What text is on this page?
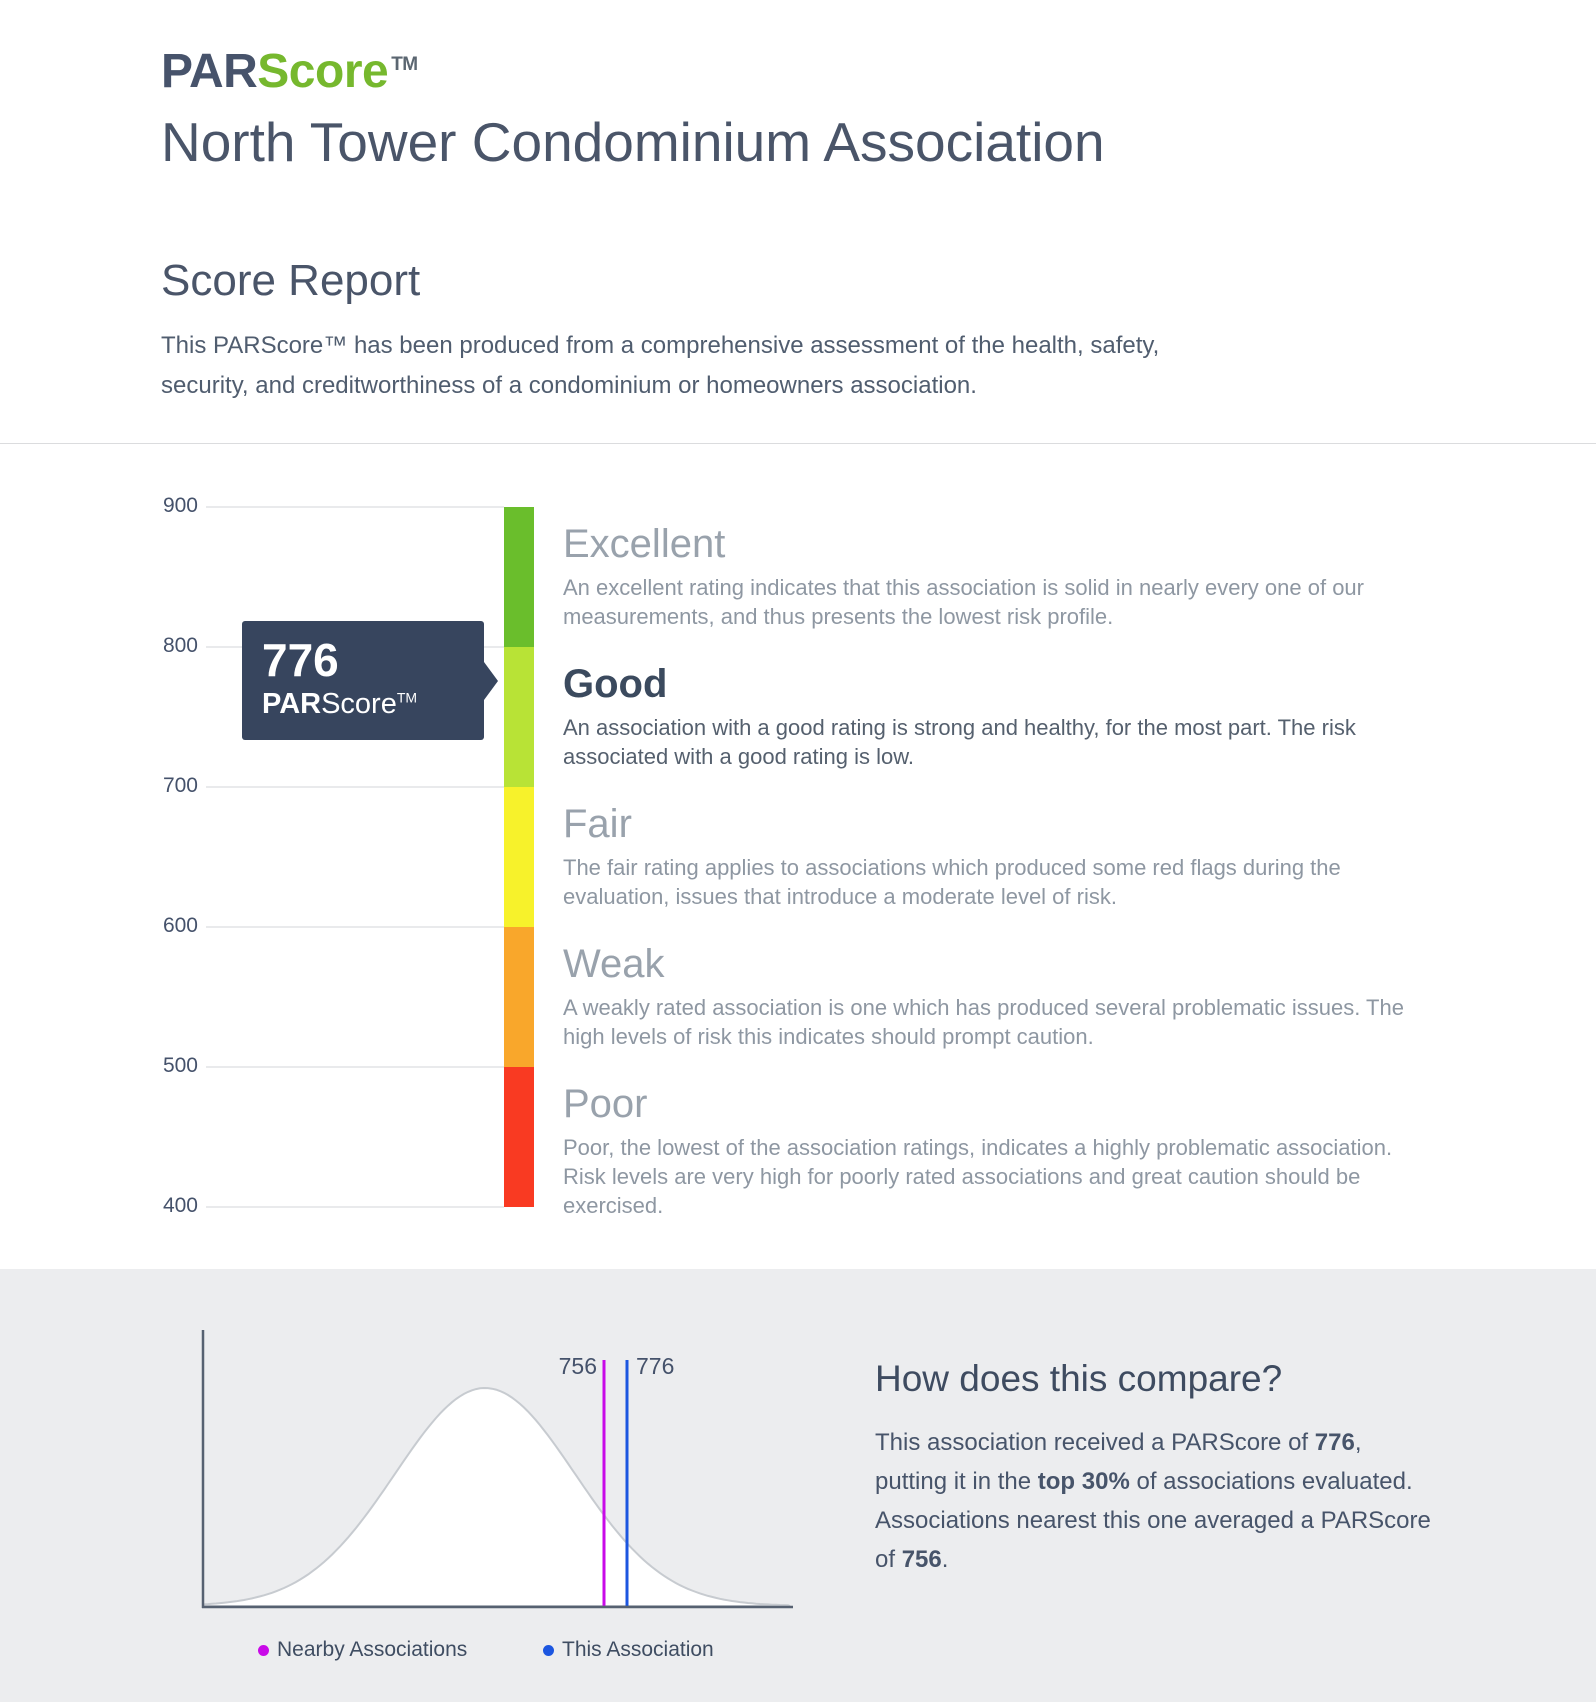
PARScore ™
North Tower Condominium Association
Score Report

This PARScore™ has been produced from a comprehensive assessment of the health, safety, security, and creditworthiness of a condominium or homeowners association.

900
800
700
600
500
400
Excellent
An excellent rating indicates that this association is solid in nearly every one of our measurements, and thus presents the lowest risk profile.
Good
An association with a good rating is strong and healthy, for the most part. The risk associated with a good rating is low.
Fair
The fair rating applies to associations which produced some red flags during the evaluation, issues that introduce a moderate level of risk.
Weak
A weakly rated association is one which has produced several problematic issues. The high levels of risk this indicates should prompt caution.
Poor
Poor, the lowest of the association ratings, indicates a highly problematic association. Risk levels are very high for poorly rated associations and great caution should be exercised.
776
PARScore™
756 776
Nearby Associations	This Association
How does this compare?
This association received a PARScore of 776,
putting it in the top 30% of associations evaluated.
Associations nearest this one averaged a PARScore
of 756.
